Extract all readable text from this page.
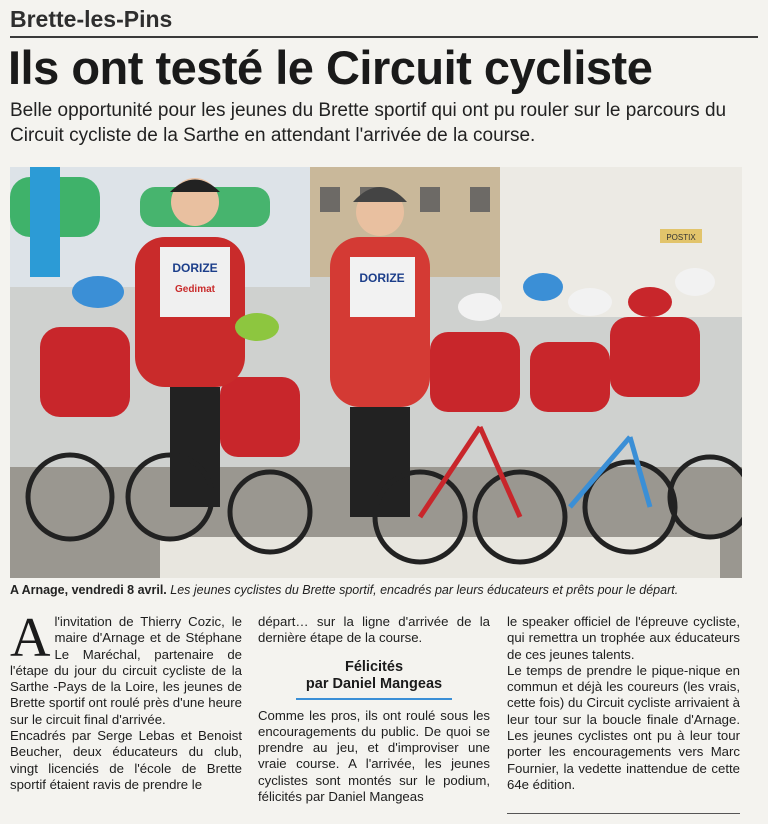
Brette-les-Pins
Ils ont testé le Circuit cycliste
Belle opportunité pour les jeunes du Brette sportif qui ont pu rouler sur le parcours du Circuit cycliste de la Sarthe en attendant l'arrivée de la course.
POSTIX
DORIZE
Gedimat
DORIZE
A Arnage, vendredi 8 avril. Les jeunes cyclistes du Brette sportif, encadrés par leurs éducateurs et prêts pour le départ.
A l'invitation de Thierry Cozic, le maire d'Arnage et de Stéphane Le Maréchal, partenaire de l'étape du jour du circuit cycliste de la Sarthe -Pays de la Loire, les jeunes de Brette sportif ont roulé près d'une heure sur le circuit final d'arrivée.

Encadrés par Serge Lebas et Benoist Beucher, deux éducateurs du club, vingt licenciés de l'école de Brette sportif étaient ravis de prendre le

départ… sur la ligne d'arrivée de la dernière étape de la course.

Félicités
par Daniel Mangeas

Comme les pros, ils ont roulé sous les encouragements du public. De quoi se prendre au jeu, et d'improviser une vraie course. A l'arrivée, les jeunes cyclistes sont montés sur le podium, félicités par Daniel Mangeas

le speaker officiel de l'épreuve cycliste, qui remettra un trophée aux éducateurs de ces jeunes talents.

Le temps de prendre le pique-nique en commun et déjà les coureurs (les vrais, cette fois) du Circuit cycliste arrivaient à leur tour sur la boucle finale d'Arnage. Les jeunes cyclistes ont pu à leur tour porter les encouragements vers Marc Fournier, la vedette inattendue de cette 64e édition.
